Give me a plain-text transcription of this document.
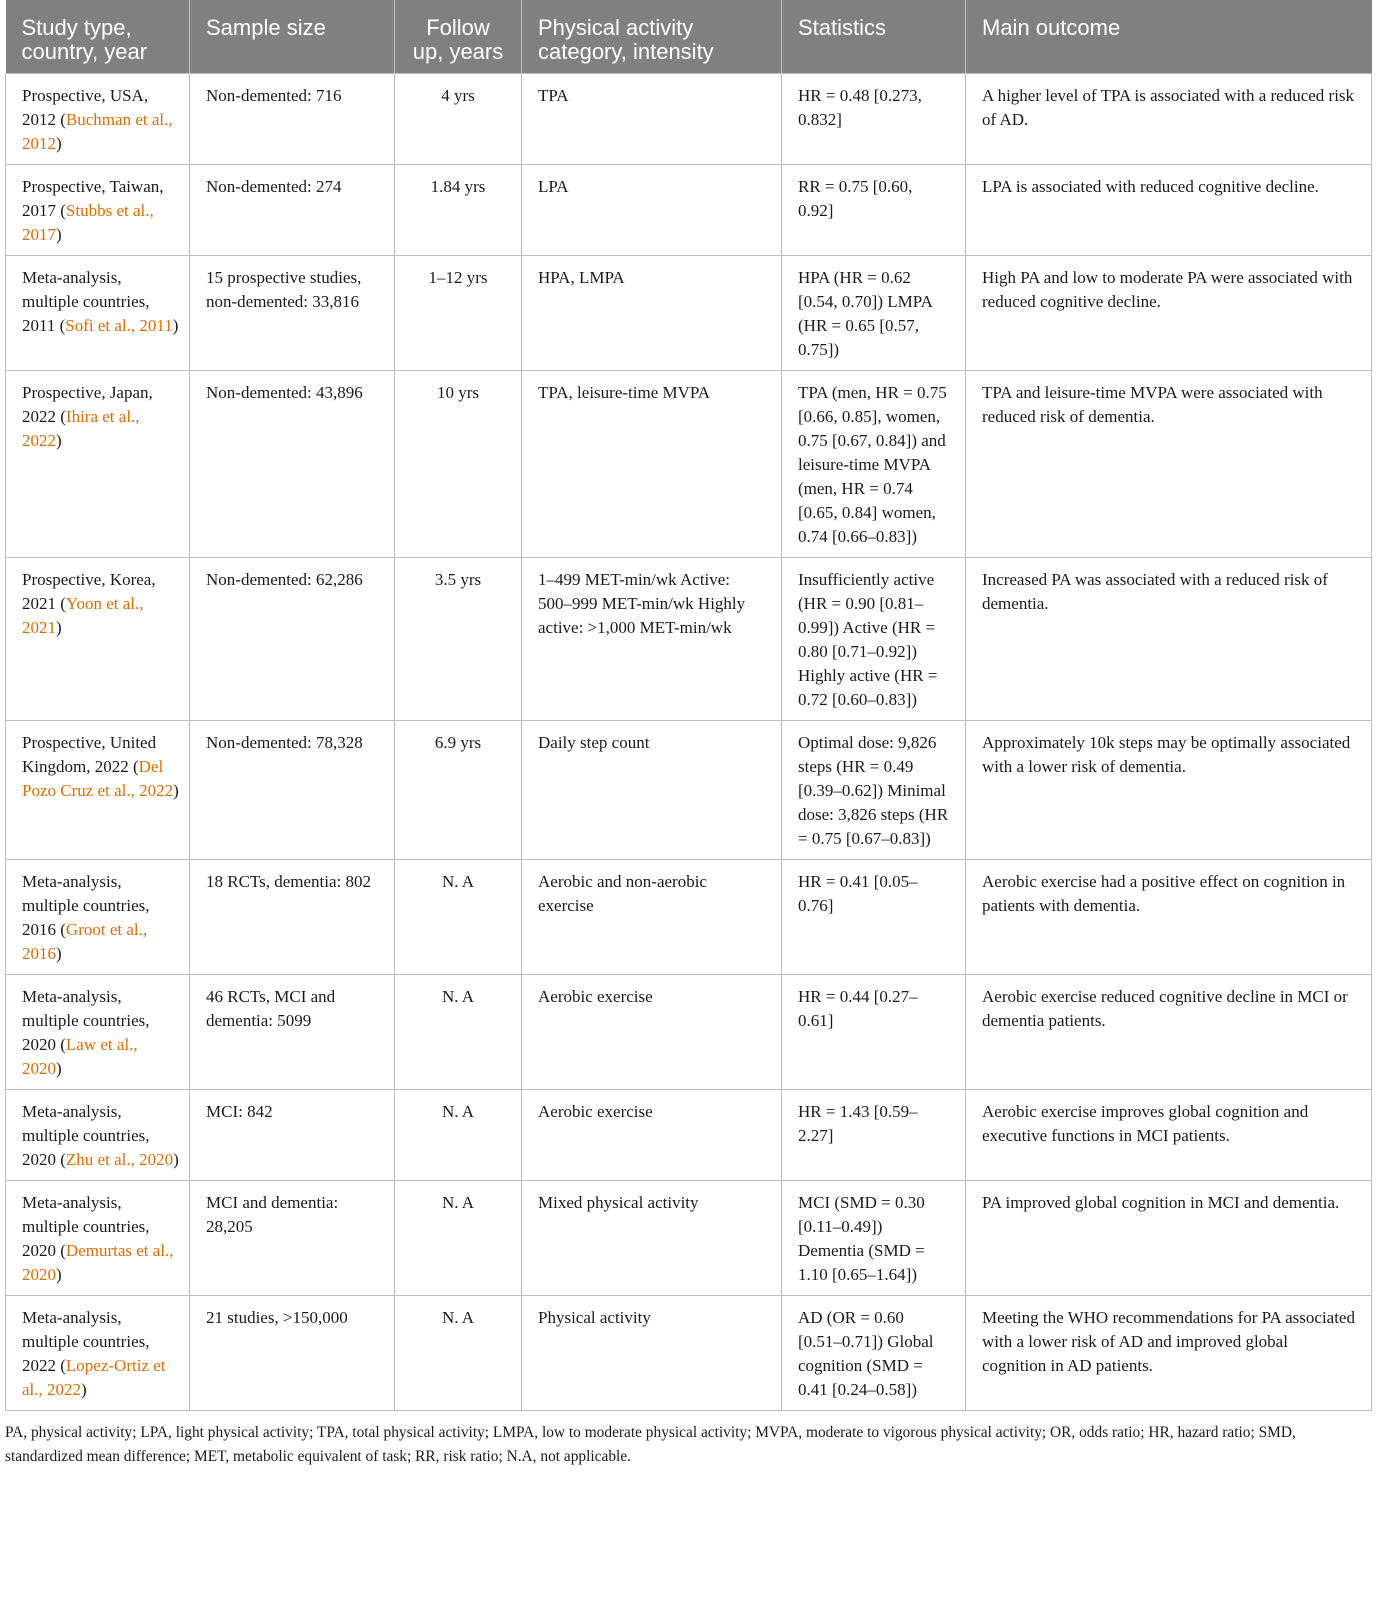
Study type, country, year	Sample size	Follow up, years	Physical activity category, intensity	Statistics	Main outcome
Prospective, USA, 2012 (Buchman et al., 2012)	Non-demented: 716	4 yrs	TPA	HR = 0.48 [0.273, 0.832]	A higher level of TPA is associated with a reduced risk of AD.
Prospective, Taiwan, 2017 (Stubbs et al., 2017)	Non-demented: 274	1.84 yrs	LPA	RR = 0.75 [0.60, 0.92]	LPA is associated with reduced cognitive decline.
Meta-analysis, multiple countries, 2011 (Sofi et al., 2011)	15 prospective studies, non-demented: 33,816	1–12 yrs	HPA, LMPA	HPA (HR = 0.62 [0.54, 0.70]) LMPA (HR = 0.65 [0.57, 0.75])	High PA and low to moderate PA were associated with reduced cognitive decline.
Prospective, Japan, 2022 (Ihira et al., 2022)	Non-demented: 43,896	10 yrs	TPA, leisure-time MVPA	TPA (men, HR = 0.75 [0.66, 0.85], women, 0.75 [0.67, 0.84]) and leisure-time MVPA (men, HR = 0.74 [0.65, 0.84] women, 0.74 [0.66–0.83])	TPA and leisure-time MVPA were associated with reduced risk of dementia.
Prospective, Korea, 2021 (Yoon et al., 2021)	Non-demented: 62,286	3.5 yrs	1–499 MET-min/wk Active: 500–999 MET-min/wk Highly active: >1,000 MET-min/wk	Insufficiently active (HR = 0.90 [0.81–0.99]) Active (HR = 0.80 [0.71–0.92]) Highly active (HR = 0.72 [0.60–0.83])	Increased PA was associated with a reduced risk of dementia.
Prospective, United Kingdom, 2022 (Del Pozo Cruz et al., 2022)	Non-demented: 78,328	6.9 yrs	Daily step count	Optimal dose: 9,826 steps (HR = 0.49 [0.39–0.62]) Minimal dose: 3,826 steps (HR = 0.75 [0.67–0.83])	Approximately 10k steps may be optimally associated with a lower risk of dementia.
Meta-analysis, multiple countries, 2016 (Groot et al., 2016)	18 RCTs, dementia: 802	N. A	Aerobic and non-aerobic exercise	HR = 0.41 [0.05–0.76]	Aerobic exercise had a positive effect on cognition in patients with dementia.
Meta-analysis, multiple countries, 2020 (Law et al., 2020)	46 RCTs, MCI and dementia: 5099	N. A	Aerobic exercise	HR = 0.44 [0.27–0.61]	Aerobic exercise reduced cognitive decline in MCI or dementia patients.
Meta-analysis, multiple countries, 2020 (Zhu et al., 2020)	MCI: 842	N. A	Aerobic exercise	HR = 1.43 [0.59–2.27]	Aerobic exercise improves global cognition and executive functions in MCI patients.
Meta-analysis, multiple countries, 2020 (Demurtas et al., 2020)	MCI and dementia: 28,205	N. A	Mixed physical activity	MCI (SMD = 0.30 [0.11–0.49]) Dementia (SMD = 1.10 [0.65–1.64])	PA improved global cognition in MCI and dementia.
Meta-analysis, multiple countries, 2022 (Lopez-Ortiz et al., 2022)	21 studies, >150,000	N. A	Physical activity	AD (OR = 0.60 [0.51–0.71]) Global cognition (SMD = 0.41 [0.24–0.58])	Meeting the WHO recommendations for PA associated with a lower risk of AD and improved global cognition in AD patients.

PA, physical activity; LPA, light physical activity; TPA, total physical activity; LMPA, low to moderate physical activity; MVPA, moderate to vigorous physical activity; OR, odds ratio; HR, hazard ratio; SMD, standardized mean difference; MET, metabolic equivalent of task; RR, risk ratio; N.A, not applicable.
